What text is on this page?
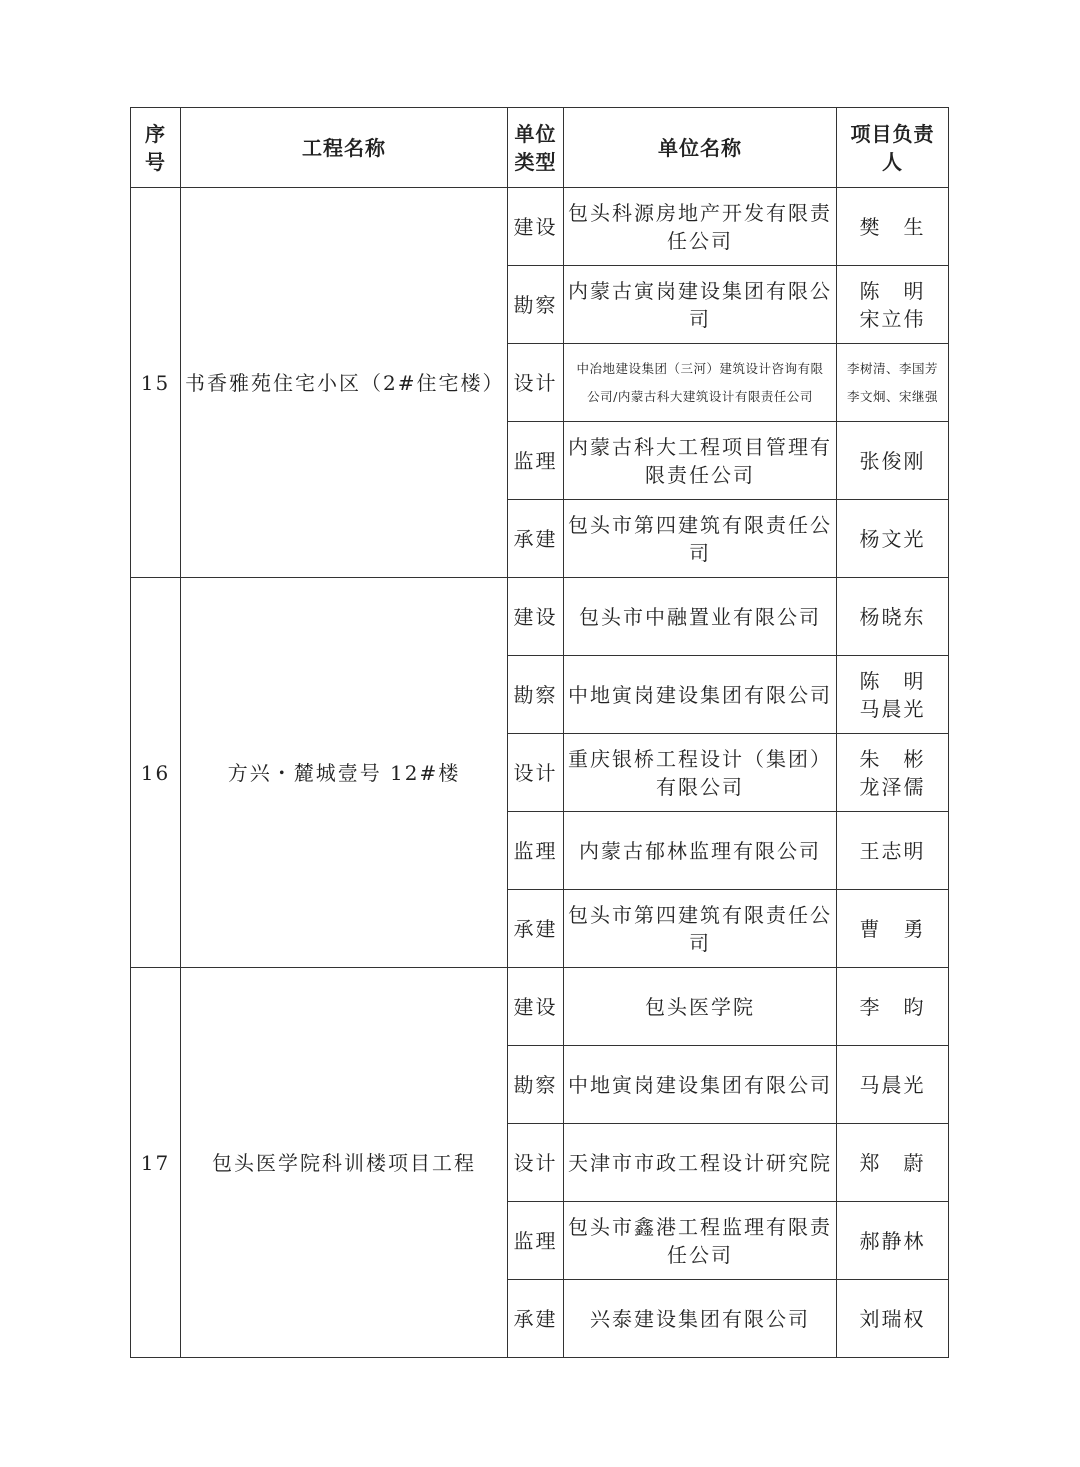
序号	工程名称	单位
类型	单位名称	项目负责人
15	书香雅苑住宅小区（2#住宅楼）	建设	包头科源房地产开发有限责
任公司	樊　生

		勘察	内蒙古寅岗建设集团有限公
司	陈　明
宋立伟

		设计	中冶地建设集团（三河）建筑设计咨询有限
公司/内蒙古科大建筑设计有限责任公司	李树清、李国芳
李文炯、宋继强

		监理	内蒙古科大工程项目管理有
限责任公司	张俊刚

		承建	包头市第四建筑有限责任公
司	杨文光

16	方兴・麓城壹号 12#楼	建设	包头市中融置业有限公司	杨晓东

		勘察	中地寅岗建设集团有限公司	陈　明
马晨光

		设计	重庆银桥工程设计（集团）
有限公司	朱　彬
龙泽儒

		监理	内蒙古郁林监理有限公司	王志明

		承建	包头市第四建筑有限责任公
司	曹　勇

17	包头医学院科训楼项目工程	建设	包头医学院	李　昀

		勘察	中地寅岗建设集团有限公司	马晨光

		设计	天津市市政工程设计研究院	郑　蔚

		监理	包头市鑫港工程监理有限责
任公司	郝静林

		承建	兴泰建设集团有限公司	刘瑞权
